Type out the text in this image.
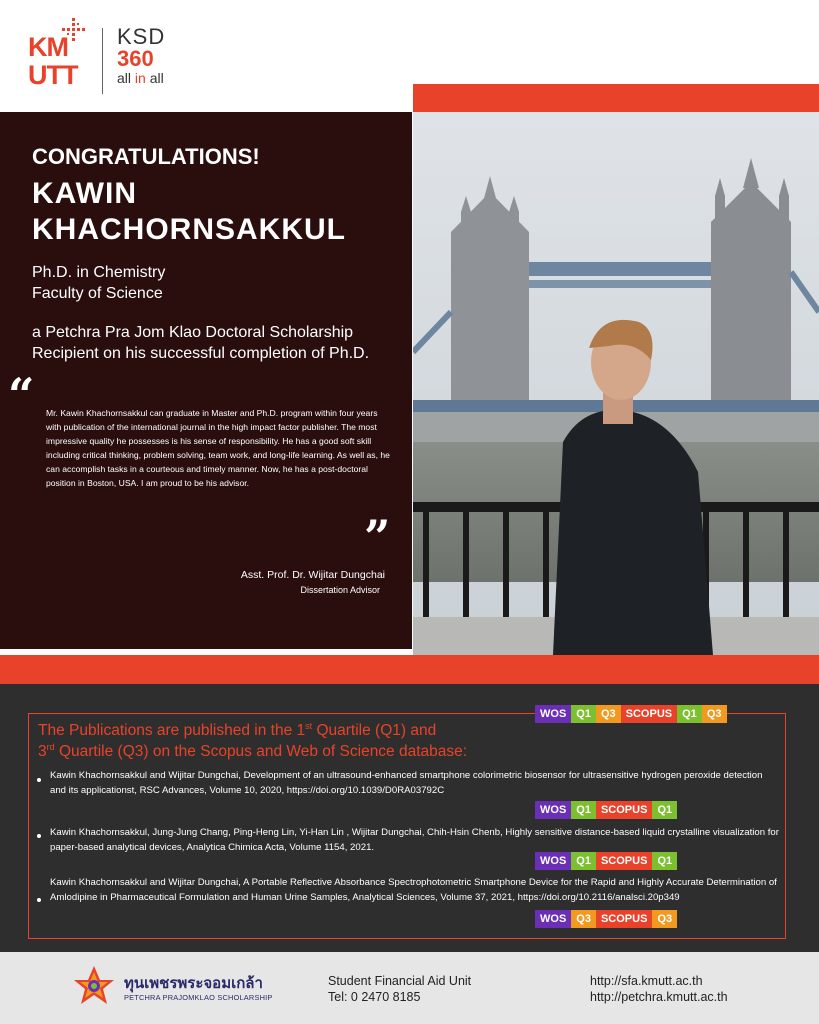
KM
UTT
KSD
360
all in all
CONGRATULATIONS!
KAWIN
KHACHORNSAKKUL
Ph.D. in Chemistry
Faculty of Science
a Petchra Pra Jom Klao Doctoral Scholarship
Recipient on his successful completion of Ph.D.
“ Mr. Kawin Khachornsakkul can graduate in Master and Ph.D. program within four years with publication of the international journal in the high impact factor publisher. The most impressive quality he possesses is his sense of responsibility. He has a good soft skill including critical thinking, problem solving, team work, and long-life learning. As well as, he can accomplish tasks in a courteous and timely manner. Now, he has a post-doctoral position in Boston, USA. I am proud to be his advisor.
”
Asst. Prof. Dr. Wijitar Dungchai
Dissertation Advisor
The Publications are published in the 1st Quartile (Q1) and
3rd Quartile (Q3) on the Scopus and Web of Science database:
WOS Q1 Q3 SCOPUS Q1 Q3
Kawin Khachornsakkul and Wijitar Dungchai, Development of an ultrasound-enhanced smartphone colorimetric biosensor for ultrasensitive hydrogen peroxide detection and its applicationst, RSC Advances, Volume 10, 2020, https://doi.org/10.1039/D0RA03792C
WOS Q1 SCOPUS Q1
Kawin Khachornsakkul, Jung-Jung Chang, Ping-Heng Lin, Yi-Han Lin , Wijitar Dungchai, Chih-Hsin Chenb, Highly sensitive distance-based liquid crystalline visualization for paper-based analytical devices, Analytica Chimica Acta, Volume 1154, 2021.
WOS Q1 SCOPUS Q1
Kawin Khachornsakkul and Wijitar Dungchai, A Portable Reflective Absorbance Spectrophotometric Smartphone Device for the Rapid and Highly Accurate Determination of Amlodipine in Pharmaceutical Formulation and Human Urine Samples, Analytical Sciences, Volume 37, 2021, https://doi.org/10.2116/analsci.20p349
WOS Q3 SCOPUS Q3
ทุนเพชรพระจอมเกล้า
PETCHRA PRAJOMKLAO SCHOLARSHIP
Student Financial Aid Unit
Tel: 0 2470 8185
http://sfa.kmutt.ac.th
http://petchra.kmutt.ac.th
